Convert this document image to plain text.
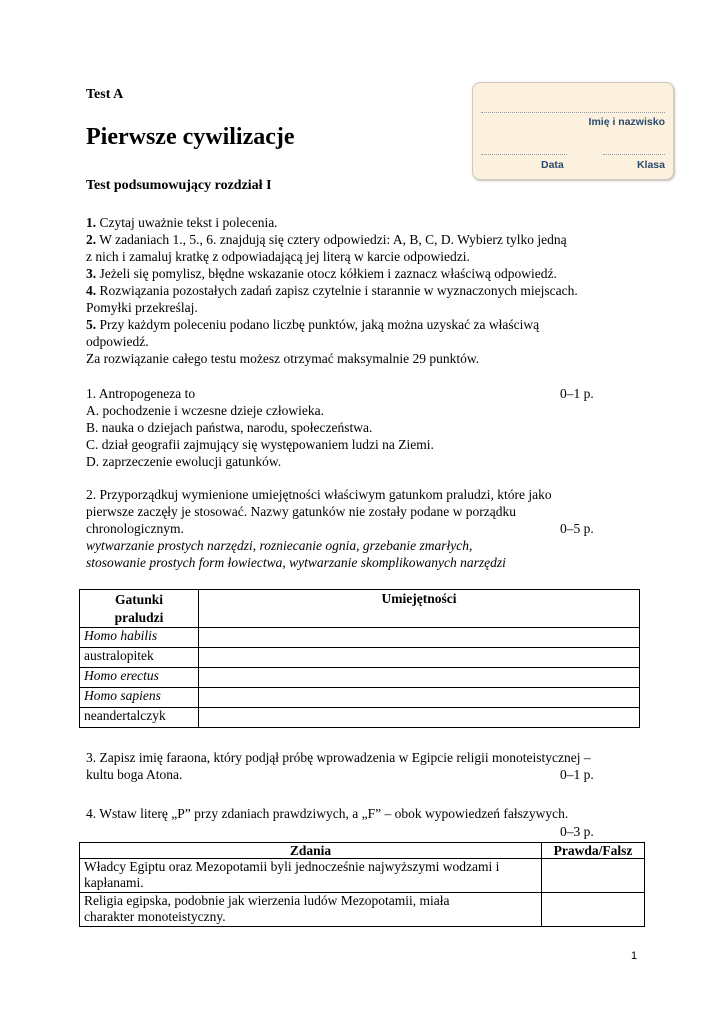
Test A
Pierwsze cywilizacje
Test podsumowujący rozdział I
Imię i nazwisko
Data	Klasa
1. Czytaj uważnie tekst i polecenia.
2. W zadaniach 1., 5., 6. znajdują się cztery odpowiedzi: A, B, C, D. Wybierz tylko jedną
z nich i zamaluj kratkę z odpowiadającą jej literą w karcie odpowiedzi.
3. Jeżeli się pomylisz, błędne wskazanie otocz kółkiem i zaznacz właściwą odpowiedź.
4. Rozwiązania pozostałych zadań zapisz czytelnie i starannie w wyznaczonych miejscach.
Pomyłki przekreślaj.
5. Przy każdym poleceniu podano liczbę punktów, jaką można uzyskać za właściwą
odpowiedź.
Za rozwiązanie całego testu możesz otrzymać maksymalnie 29 punktów.
1. Antropogeneza to	0–1 p.
A. pochodzenie i wczesne dzieje człowieka.
B. nauka o dziejach państwa, narodu, społeczeństwa.
C. dział geografii zajmujący się występowaniem ludzi na Ziemi.
D. zaprzeczenie ewolucji gatunków.
2. Przyporządkuj wymienione umiejętności właściwym gatunkom praludzi, które jako
pierwsze zaczęły je stosować. Nazwy gatunków nie zostały podane w porządku
chronologicznym.
wytwarzanie prostych narzędzi, rozniecanie ognia, grzebanie zmarłych,
stosowanie prostych form łowiectwa, wytwarzanie skomplikowanych narzędzi
0–5 p.
Gatunki
praludzi	Umiejętności
Homo habilis	
australopitek	
Homo erectus	
Homo sapiens	
neandertalczyk	
3. Zapisz imię faraona, który podjął próbę wprowadzenia w Egipcie religii monoteistycznej –
kultu boga Atona.	0–1 p.
4. Wstaw literę „P” przy zdaniach prawdziwych, a „F” – obok wypowiedzeń fałszywych.
0–3 p.
Zdania	Prawda/Falsz
Władcy Egiptu oraz Mezopotamii byli jednocześnie najwyższymi wodzami i
kapłanami.	
Religia egipska, podobnie jak wierzenia ludów Mezopotamii, miała
charakter monoteistyczny.	
1
